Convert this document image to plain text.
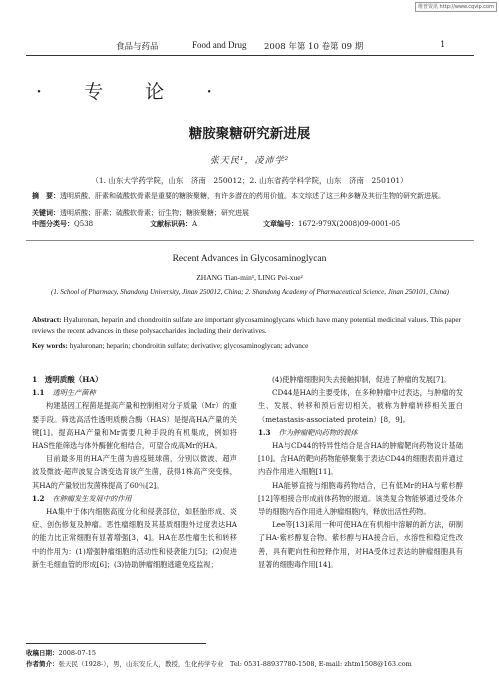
维普资讯 http://www.cqvip.com
食品与药品	Food and Drug 2008 年第 10 卷第 09 期	1
· 专 论 ·
糖胺聚糖研究新进展
张天民¹，凌沛学²
（1. 山东大学药学院，山东　济南　250012；2. 山东省药学科学院，山东　济南　250101）
摘　要：透明质酸、肝素和硫酸软骨素是重要的糖胺聚糖，有许多潜在的药用价值。本文综述了这三种多糖及其衍生物的研究新进展。
关键词：透明质酸；肝素；硫酸软骨素；衍生物；糖胺聚糖；研究进展
中图分类号：Q538	文献标识码：A	文章编号：1672-979X(2008)09-0001-05
Recent Advances in Glycosaminoglycan
ZHANG Tian-min¹, LING Pei-xue²
(1. School of Pharmacy, Shandong University, Jinan 250012, China; 2. Shandong Academy of Pharmaceutical Science, Jinan 250101, China)
Abstract: Hyaluronan, heparin and chondroitin sulfate are important glycosaminoglycans which have many potential medicinal values. This paper reviews the recent advances in these polysaccharides including their derivatives.
Key words: hyaluronan; heparin; chondroitin sulfate; derivative; glycosaminoglycan; advance

1　透明质酸（HA）

1.1 透明生产菌种

构建基因工程菌是提高产量和控制相对分子质量（Mr）的重要手段。筛选高活性透明质酸合酶（HAS）是提高HA产量的关键[1]。提高HA产量和Mr需要几种手段的有机集成，例如将HAS性能筛选与体外酶催化相结合，可望合成高Mr的HA。

目前最多用的HA产生菌为兽疫链球菌，分别以微波、超声波及微波-超声波复合诱变选育该产生菌，获得1株高产突变株，其HA的产量较出发菌株提高了60％[2]。

1.2 在肿瘤发生发展中的作用

HA集中于体内细胞高度分化和侵袭部位，如胚胎形成、炎症、创伤修复及肿瘤。恶性瘤细胞及其基质细胞外过度表达HA的能力比正常细胞有显著增强[3，4]。HA在恶性瘤生长和转移中的作用为：(1)增强肿瘤细胞的活动性和侵袭能力[5]；(2)促进新生毛细血管的形成[6]；(3)协助肿瘤细胞逃避免疫监视；

(4)使肿瘤细胞间失去接触抑制，促进了肿瘤的发展[7]。

CD44是HA的主要受体，在多种肿瘤中过表达，与肿瘤的发生、发展、转移和预后密切相关，被称为肿瘤转移相关蛋白（metastasis-associated protein）[8，9]。

1.3 作为肿瘤靶向药物的载体

HA与CD44的特异性结合是含HA的肿瘤靶向药物设计基础[10]。含HA的靶向药物能够聚集于表达CD44的细胞表面并通过内吞作用进入细胞[11]。

HA能够直接与细胞毒药物结合，已有低Mr的HA与紫杉醇[12]等相接合形成前体药物的报道。该类复合物能够通过受体介导的细胞内吞作用进入肿瘤细胞内，释放出活性药物。

Lee等[13]采用一种可使HA在有机相中溶解的新方法，研制了HA-紫杉醇复合物。紫杉醇与HA接合后，水溶性和稳定性改善，具有靶向性和控释作用，对HA受体过表达的肿瘤细胞具有显著的细胞毒作用[14]。

收稿日期：2008-07-15
作者简介：张天民（1928-），男，山东安丘人，教授，生化药学专业　Tel: 0531-88937780-1508, E-mail: zhtm1508@163.com
